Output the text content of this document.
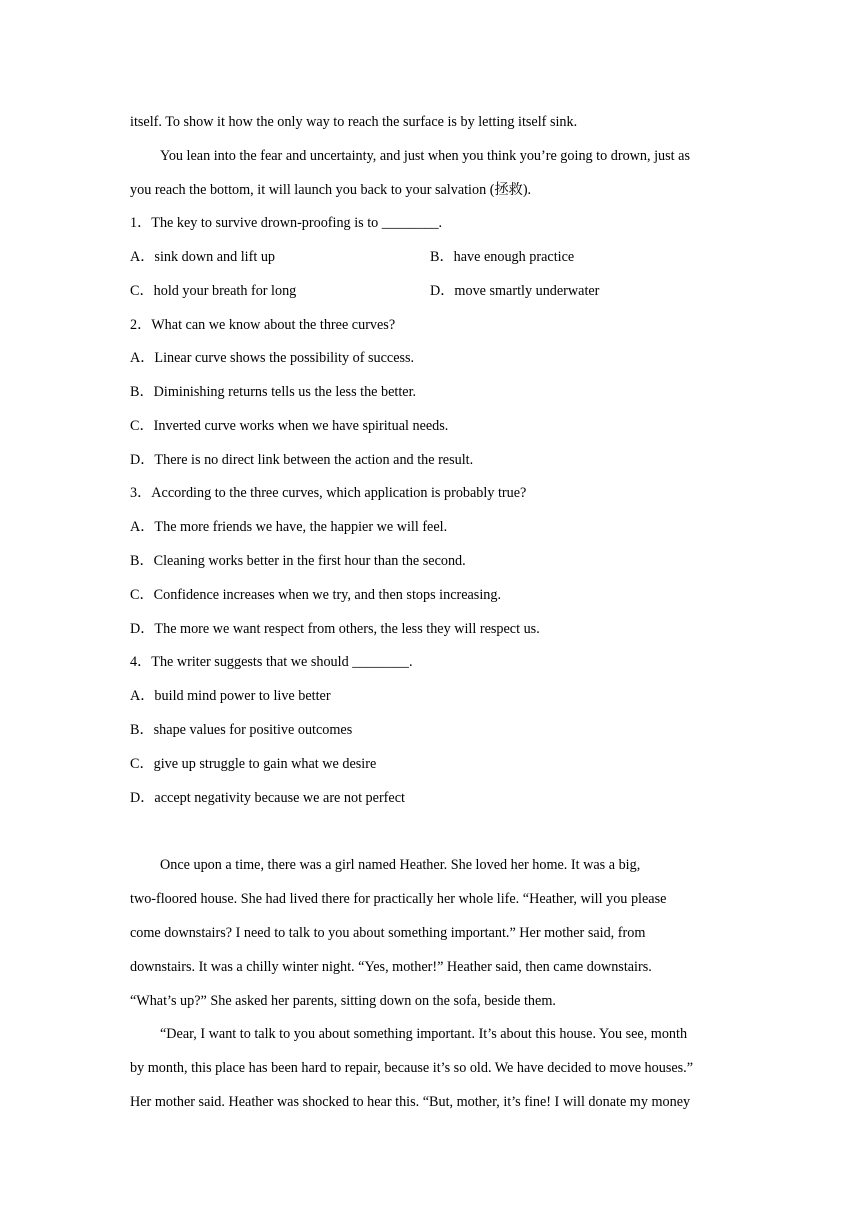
itself. To show it how the only way to reach the surface is by letting itself sink.
You lean into the fear and uncertainty, and just when you think you’re going to drown, just as
you reach the bottom, it will launch you back to your salvation (拯救).
1．The key to survive drown-proofing is to ________.
A．sink down and lift up	B．have enough practice
C．hold your breath for long	D．move smartly underwater
2．What can we know about the three curves?
A．Linear curve shows the possibility of success.
B．Diminishing returns tells us the less the better.
C．Inverted curve works when we have spiritual needs.
D．There is no direct link between the action and the result.
3．According to the three curves, which application is probably true?
A．The more friends we have, the happier we will feel.
B．Cleaning works better in the first hour than the second.
C．Confidence increases when we try, and then stops increasing.
D．The more we want respect from others, the less they will respect us.
4．The writer suggests that we should ________.
A．build mind power to live better
B．shape values for positive outcomes
C．give up struggle to gain what we desire
D．accept negativity because we are not perfect
Once upon a time, there was a girl named Heather. She loved her home. It was a big,
two-floored house. She had lived there for practically her whole life. “Heather, will you please
come downstairs? I need to talk to you about something important.” Her mother said, from
downstairs. It was a chilly winter night. “Yes, mother!” Heather said, then came downstairs.
“What’s up?” She asked her parents, sitting down on the sofa, beside them.
“Dear, I want to talk to you about something important. It’s about this house. You see, month
by month, this place has been hard to repair, because it’s so old. We have decided to move houses.”
Her mother said. Heather was shocked to hear this. “But, mother, it’s fine! I will donate my money
